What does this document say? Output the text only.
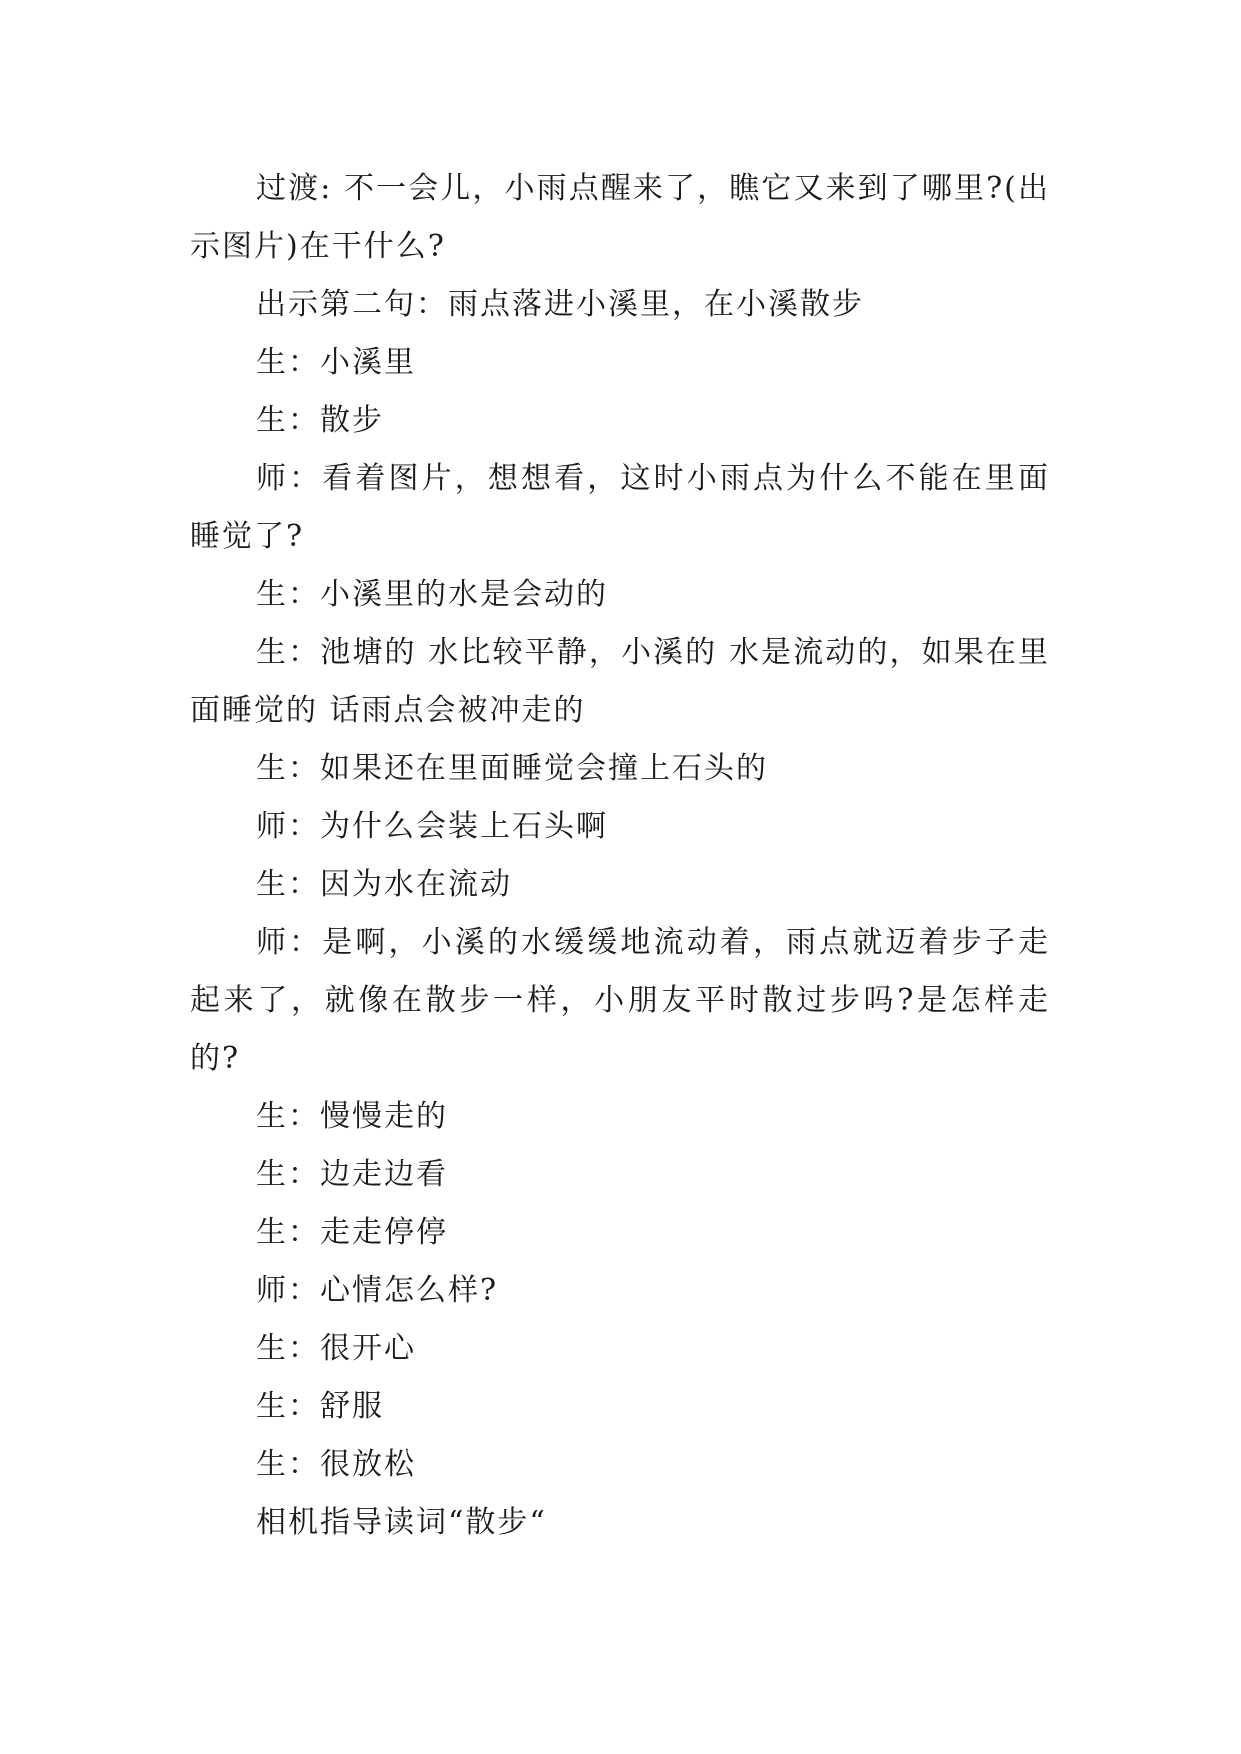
过渡: 不一会儿，小雨点醒来了，瞧它又来到了哪里?(出示图片)在干什么?

出示第二句：雨点落进小溪里，在小溪散步

生：小溪里

生：散步

师：看着图片，想想看，这时小雨点为什么不能在里面睡觉了?

生：小溪里的水是会动的

生：池塘的 水比较平静，小溪的 水是流动的，如果在里面睡觉的 话雨点会被冲走的

生：如果还在里面睡觉会撞上石头的

师：为什么会装上石头啊

生：因为水在流动

师：是啊，小溪的水缓缓地流动着，雨点就迈着步子走起来了，就像在散步一样，小朋友平时散过步吗?是怎样走的?

生：慢慢走的

生：边走边看

生：走走停停

师：心情怎么样?

生：很开心

生：舒服

生：很放松

相机指导读词“散步“
